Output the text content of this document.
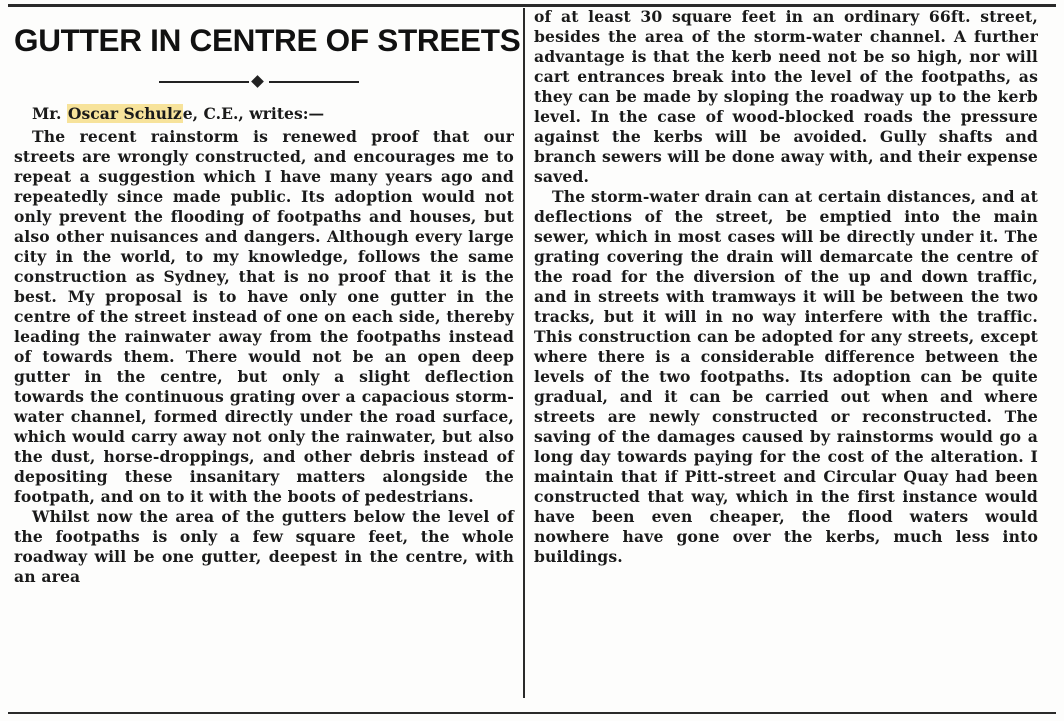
GUTTER IN CENTRE OF STREETS
Mr. Oscar Schulze, C.E., writes:—

The recent rainstorm is renewed proof that our streets are wrongly constructed, and encourages me to repeat a suggestion which I have many years ago and repeatedly since made public. Its adoption would not only prevent the flooding of footpaths and houses, but also other nuisances and dangers. Although every large city in the world, to my knowledge, follows the same construction as Sydney, that is no proof that it is the best. My proposal is to have only one gutter in the centre of the street instead of one on each side, thereby leading the rainwater away from the footpaths instead of towards them. There would not be an open deep gutter in the centre, but only a slight deflection towards the continuous grating over a capacious storm-water channel, formed directly under the road surface, which would carry away not only the rainwater, but also the dust, horse-droppings, and other debris instead of depositing these insanitary matters alongside the footpath, and on to it with the boots of pedestrians.

Whilst now the area of the gutters below the level of the footpaths is only a few square feet, the whole roadway will be one gutter, deepest in the centre, with an area

of at least 30 square feet in an ordinary 66ft. street, besides the area of the storm-water channel. A further advantage is that the kerb need not be so high, nor will cart entrances break into the level of the footpaths, as they can be made by sloping the roadway up to the kerb level. In the case of wood-blocked roads the pressure against the kerbs will be avoided. Gully shafts and branch sewers will be done away with, and their expense saved.

The storm-water drain can at certain distances, and at deflections of the street, be emptied into the main sewer, which in most cases will be directly under it. The grating covering the drain will demarcate the centre of the road for the diversion of the up and down traffic, and in streets with tramways it will be between the two tracks, but it will in no way interfere with the traffic. This construction can be adopted for any streets, except where there is a considerable difference between the levels of the two footpaths. Its adoption can be quite gradual, and it can be carried out when and where streets are newly constructed or reconstructed. The saving of the damages caused by rainstorms would go a long day towards paying for the cost of the alteration. I maintain that if Pitt-street and Circular Quay had been constructed that way, which in the first instance would have been even cheaper, the flood waters would nowhere have gone over the kerbs, much less into buildings.
